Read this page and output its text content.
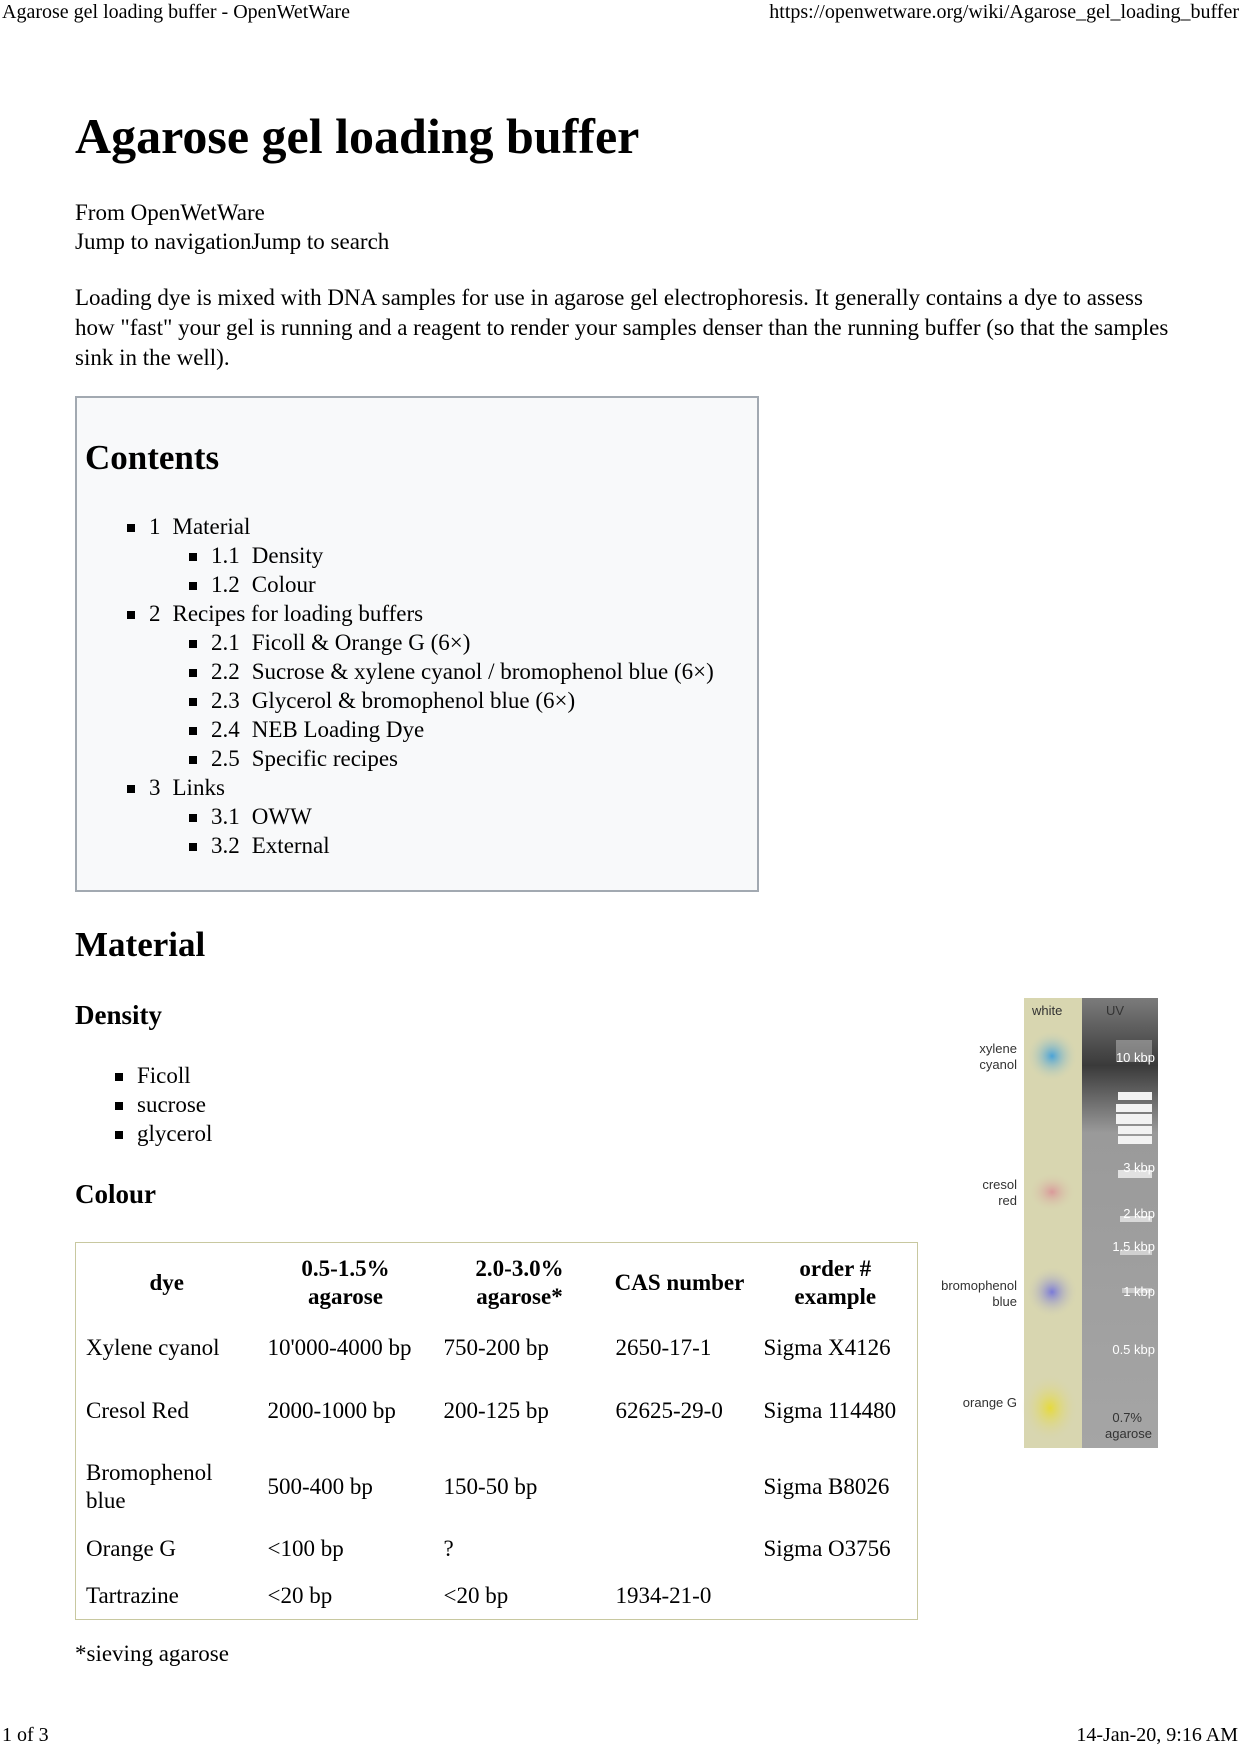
Agarose gel loading buffer - OpenWetWare	https://openwetware.org/wiki/Agarose_gel_loading_buffer
Agarose gel loading buffer
From OpenWetWare
Jump to navigationJump to search

Loading dye is mixed with DNA samples for use in agarose gel electrophoresis. It generally contains a dye to assess how "fast" your gel is running and a reagent to render your samples denser than the running buffer (so that the samples sink in the well).

Contents
1 Material
1.1 Density
1.2 Colour
2 Recipes for loading buffers
2.1 Ficoll & Orange G (6×)
2.2 Sucrose & xylene cyanol / bromophenol blue (6×)
2.3 Glycerol & bromophenol blue (6×)
2.4 NEB Loading Dye
2.5 Specific recipes
3 Links
3.1 OWW
3.2 External
Material
Density
Ficoll
sucrose
glycerol
Colour
dye	0.5-1.5% agarose	2.0-3.0% agarose*	CAS number	order # example
Xylene cyanol	10'000-4000 bp	750-200 bp	2650-17-1	Sigma X4126
Cresol Red	2000-1000 bp	200-125 bp	62625-29-0	Sigma 114480
Bromophenol blue	500-400 bp	150-50 bp		Sigma B8026
Orange G	<100 bp	?		Sigma O3756
Tartrazine	<20 bp	<20 bp	1934-21-0	
*sieving agarose
white	UV
xylene cyanol
cresol red
bromophenol blue
orange G
10 kbp
3 kbp
2 kbp
1.5 kbp
1 kbp
0.5 kbp
0.7% agarose
1 of 3	14-Jan-20, 9:16 AM
